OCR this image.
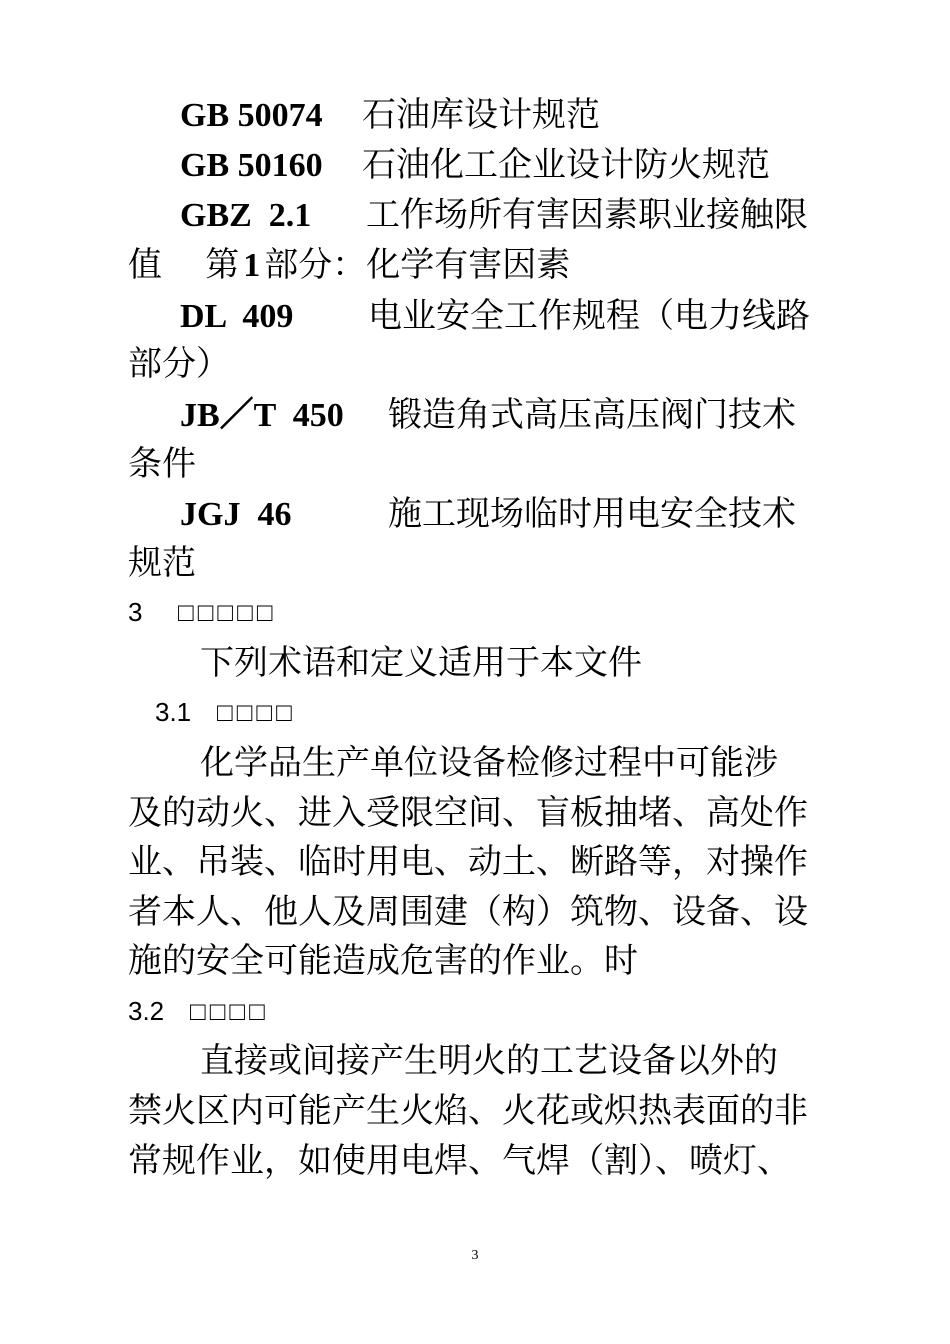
GB 50074 石油库设计规范
GB 50160 石油化工企业设计防火规范
GBZ  2.1 工作场所有害因素职业接触限
值    第 1 部分：化学有害因素
DL  409 电业安全工作规程（电力线路
部分）
JB／T  450 锻造角式高压高压阀门技术
条件
JGJ  46	施工现场临时用电安全技术
规范
3 □□□□□
下列术语和定义适用于本文件
3.1 □□□□
化学品生产单位设备检修过程中可能涉
及的动火、进入受限空间、盲板抽堵、高处作
业、吊装、临时用电、动土、断路等，对操作
者本人、他人及周围建（构）筑物、设备、设
施的安全可能造成危害的作业。时
3.2 □□□□
直接或间接产生明火的工艺设备以外的
禁火区内可能产生火焰、火花或炽热表面的非
常规作业，如使用电焊、气焊（割）、喷灯、
3
